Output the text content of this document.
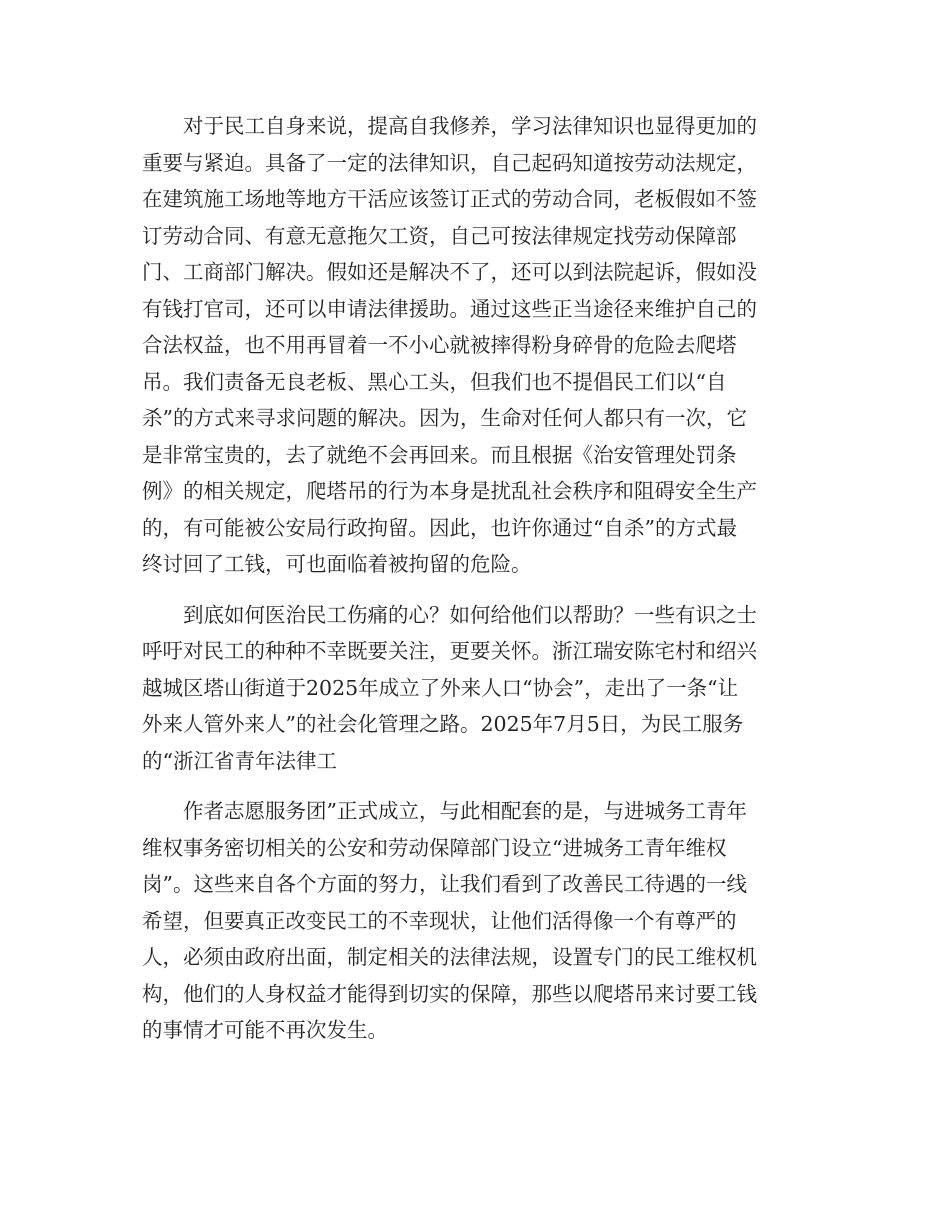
对于民工自身来说，提高自我修养，学习法律知识也显得更加的
重要与紧迫。具备了一定的法律知识，自己起码知道按劳动法规定，
在建筑施工场地等地方干活应该签订正式的劳动合同，老板假如不签
订劳动合同、有意无意拖欠工资，自己可按法律规定找劳动保障部
门、工商部门解决。假如还是解决不了，还可以到法院起诉，假如没
有钱打官司，还可以申请法律援助。通过这些正当途径来维护自己的
合法权益，也不用再冒着一不小心就被摔得粉身碎骨的危险去爬塔
吊。我们责备无良老板、黑心工头，但我们也不提倡民工们以“自
杀”的方式来寻求问题的解决。因为，生命对任何人都只有一次，它
是非常宝贵的，去了就绝不会再回来。而且根据《治安管理处罚条
例》的相关规定，爬塔吊的行为本身是扰乱社会秩序和阻碍安全生产
的，有可能被公安局行政拘留。因此，也许你通过“自杀”的方式最
终讨回了工钱，可也面临着被拘留的危险。
到底如何医治民工伤痛的心？如何给他们以帮助？一些有识之士
呼吁对民工的种种不幸既要关注，更要关怀。浙江瑞安陈宅村和绍兴
越城区塔山街道于2025年成立了外来人口“协会”，走出了一条“让
外来人管外来人”的社会化管理之路。2025年7月5日，为民工服务
的“浙江省青年法律工
作者志愿服务团”正式成立，与此相配套的是，与进城务工青年
维权事务密切相关的公安和劳动保障部门设立“进城务工青年维权
岗”。这些来自各个方面的努力，让我们看到了改善民工待遇的一线
希望，但要真正改变民工的不幸现状，让他们活得像一个有尊严的
人，必须由政府出面，制定相关的法律法规，设置专门的民工维权机
构，他们的人身权益才能得到切实的保障，那些以爬塔吊来讨要工钱
的事情才可能不再次发生。
